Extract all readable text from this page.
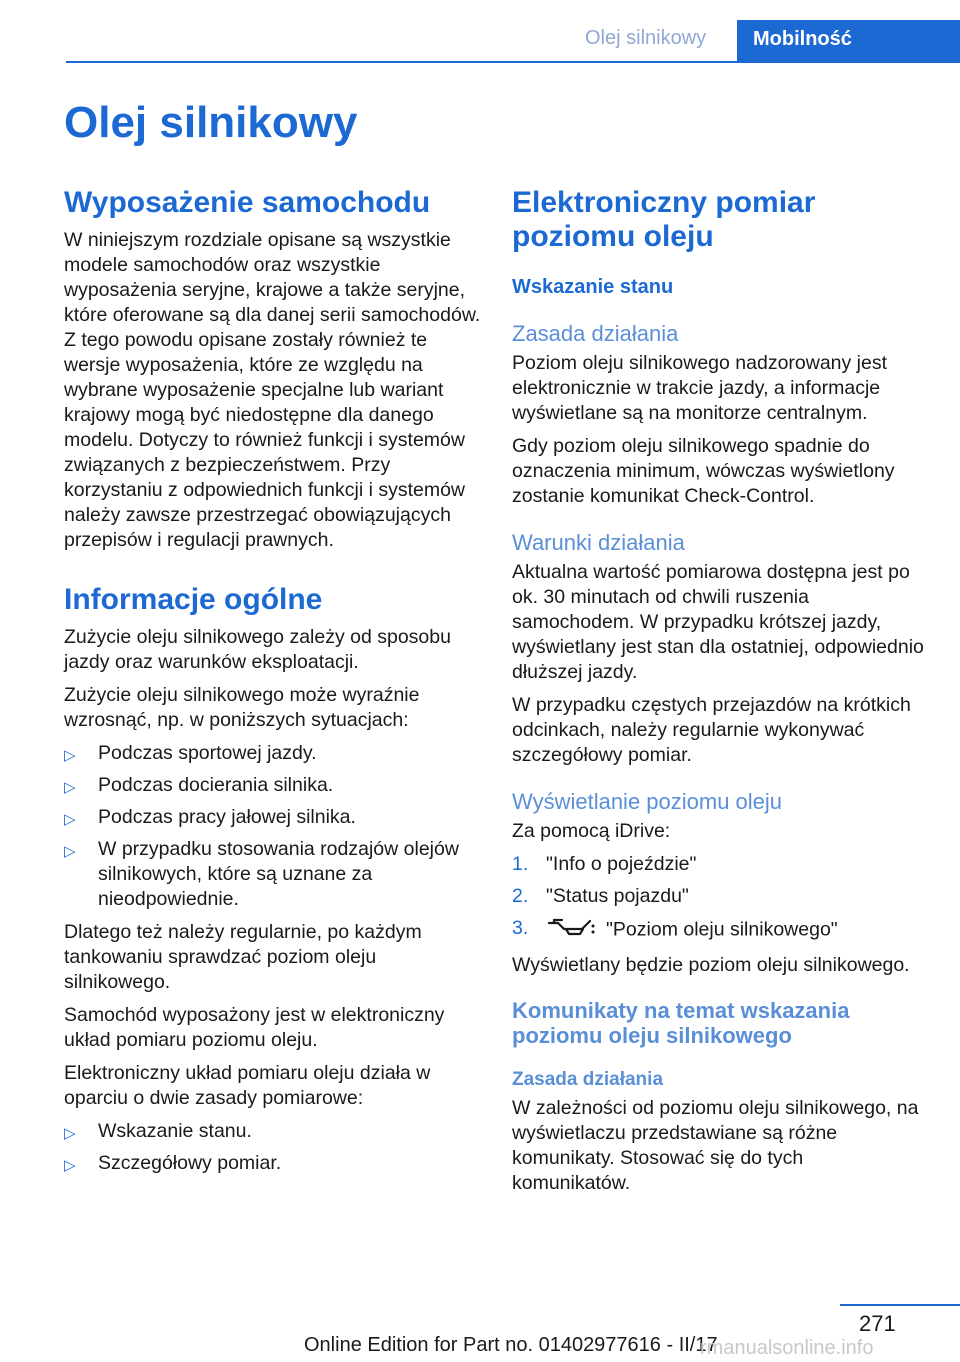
Olej silnikowy	Mobilność
Olej silnikowy
Wyposażenie samochodu

W niniejszym rozdziale opisane są wszystkie modele samochodów oraz wszystkie wyposażenia seryjne, krajowe a także seryjne, które oferowane są dla danej serii samochodów. Z tego powodu opisane zostały również te wersje wyposażenia, które ze względu na wybrane wyposażenie specjalne lub wariant krajowy mogą być niedostępne dla danego modelu. Dotyczy to również funkcji i systemów związanych z bezpieczeństwem. Przy korzystaniu z odpowiednich funkcji i systemów należy zawsze przestrzegać obowiązujących przepisów i regulacji prawnych.

Informacje ogólne

Zużycie oleju silnikowego zależy od sposobu jazdy oraz warunków eksploatacji.

Zużycie oleju silnikowego może wyraźnie wzrosnąć, np. w poniższych sytuacjach:

▷ Podczas sportowej jazdy.
▷ Podczas docierania silnika.
▷ Podczas pracy jałowej silnika.
▷ W przypadku stosowania rodzajów olejów silnikowych, które są uznane za nieodpowiednie.

Dlatego też należy regularnie, po każdym tankowaniu sprawdzać poziom oleju silnikowego.

Samochód wyposażony jest w elektroniczny układ pomiaru poziomu oleju.

Elektroniczny układ pomiaru oleju działa w oparciu o dwie zasady pomiarowe:

▷ Wskazanie stanu.
▷ Szczegółowy pomiar.
Elektroniczny pomiar poziomu oleju
Wskazanie stanu
Zasada działania

Poziom oleju silnikowego nadzorowany jest elektronicznie w trakcie jazdy, a informacje wyświetlane są na monitorze centralnym.

Gdy poziom oleju silnikowego spadnie do oznaczenia minimum, wówczas wyświetlony zostanie komunikat Check-Control.

Warunki działania

Aktualna wartość pomiarowa dostępna jest po ok. 30 minutach od chwili ruszenia samochodem. W przypadku krótszej jazdy, wyświetlany jest stan dla ostatniej, odpowiednio dłuższej jazdy.

W przypadku częstych przejazdów na krótkich odcinkach, należy regularnie wykonywać szczegółowy pomiar.

Wyświetlanie poziomu oleju

Za pomocą iDrive:

1. "Info o pojeździe"
2. "Status pojazdu"
3.	"Poziom oleju silnikowego"

Wyświetlany będzie poziom oleju silnikowego.

Komunikaty na temat wskazania poziomu oleju silnikowego
Zasada działania

W zależności od poziomu oleju silnikowego, na wyświetlaczu przedstawiane są różne komunikaty. Stosować się do tych komunikatów.

271
Online Edition for Part no. 01402977616 - II/17
rmanualsonline.info
